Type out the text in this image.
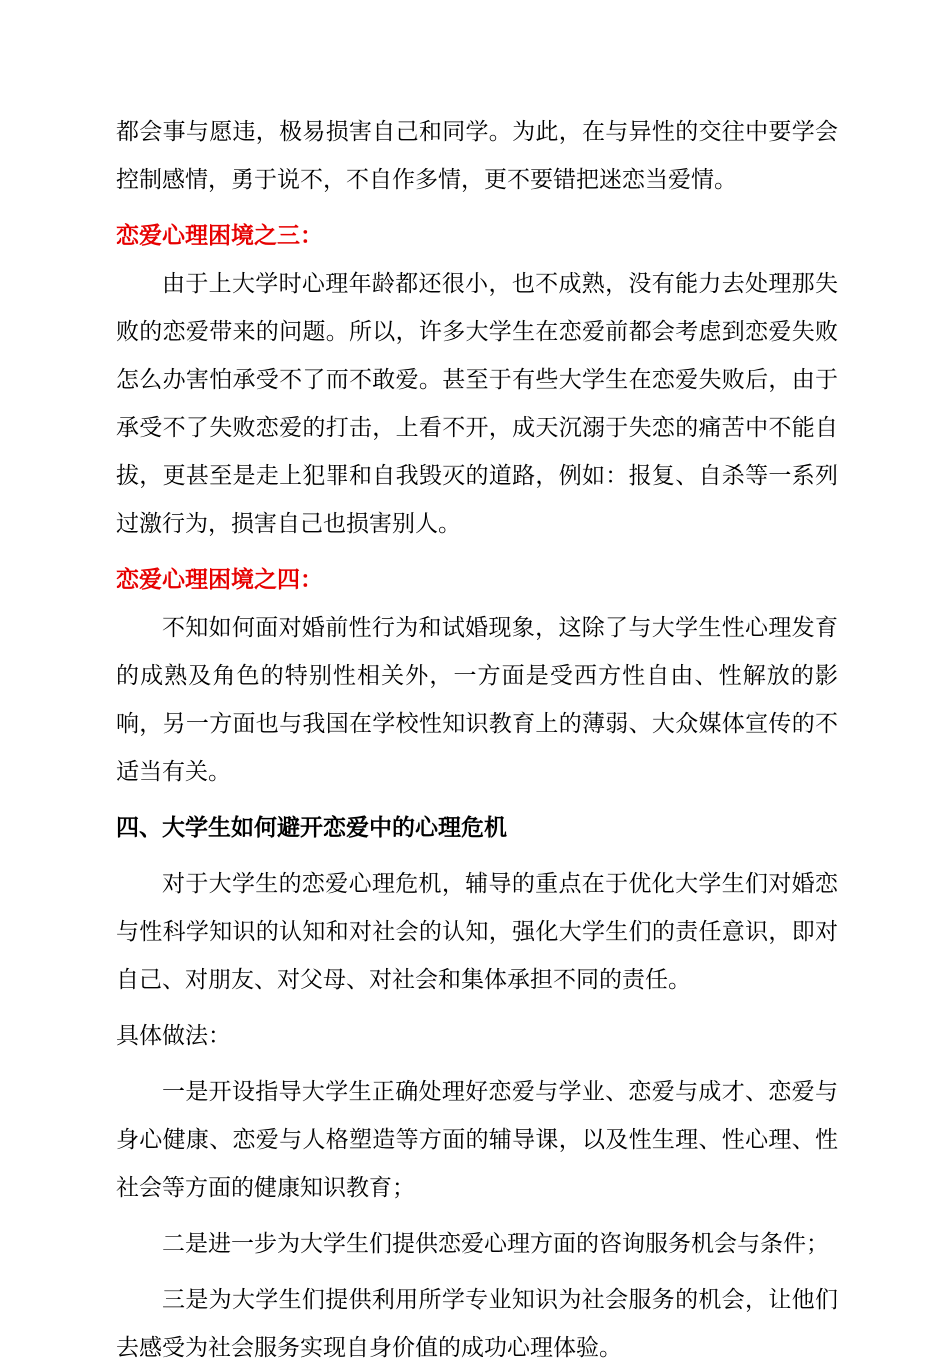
都会事与愿违，极易损害自己和同学。为此，在与异性的交往中要学会控制感情，勇于说不，不自作多情，更不要错把迷恋当爱情。

恋爱心理困境之三：

由于上大学时心理年龄都还很小，也不成熟，没有能力去处理那失败的恋爱带来的问题。所以，许多大学生在恋爱前都会考虑到恋爱失败怎么办害怕承受不了而不敢爱。甚至于有些大学生在恋爱失败后，由于承受不了失败恋爱的打击，上看不开，成天沉溺于失恋的痛苦中不能自拔，更甚至是走上犯罪和自我毁灭的道路，例如：报复、自杀等一系列过激行为，损害自己也损害别人。

恋爱心理困境之四：

不知如何面对婚前性行为和试婚现象，这除了与大学生性心理发育的成熟及角色的特别性相关外，一方面是受西方性自由、性解放的影响，另一方面也与我国在学校性知识教育上的薄弱、大众媒体宣传的不适当有关。

四、大学生如何避开恋爱中的心理危机

对于大学生的恋爱心理危机，辅导的重点在于优化大学生们对婚恋与性科学知识的认知和对社会的认知，强化大学生们的责任意识，即对自己、对朋友、对父母、对社会和集体承担不同的责任。

具体做法：

一是开设指导大学生正确处理好恋爱与学业、恋爱与成才、恋爱与身心健康、恋爱与人格塑造等方面的辅导课，以及性生理、性心理、性社会等方面的健康知识教育；

二是进一步为大学生们提供恋爱心理方面的咨询服务机会与条件；

三是为大学生们提供利用所学专业知识为社会服务的机会，让他们去感受为社会服务实现自身价值的成功心理体验。
